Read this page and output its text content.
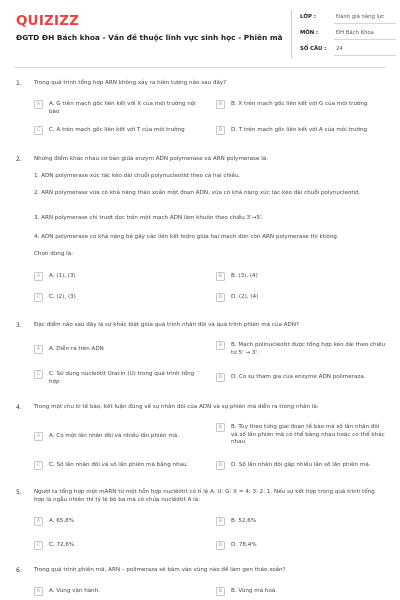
QUIZIZZ
ĐGTD ĐH Bách khoa - Vấn đề thuộc lĩnh vực sinh học - Phiên mã
LỚP :	Đánh giá năng lực
MÔN :	ĐH Bách Khoa
SỐ CÂU : 24
1. Trong quá trình tổng hợp ARN không xảy ra hiện tượng nào sau đây?
A	A. G trên mạch gốc liên kết với X của môi trường nội bào
B	B. X trên mạch gốc liên kết với G của môi trường
C	C. A trên mạch gốc liên kết với T của môi trường	D	D. T trên mạch gốc liên kết với A của môi trường
2. Những điểm khác nhau cơ bản giữa enzym ADN polymerase và ARN polymerase là:
1. ADN polymerase xúc tác kéo dài chuỗi polynucleotid theo cả hai chiều.
2. ARN polymerase vừa có khả năng tháo xoắn một đoạn ADN, vừa có khả năng xúc tác kéo dài chuỗi polynucleotid.
3. ARN polymerase chỉ trượt dọc trên một mạch ADN làm khuôn theo chiều 3'→5'.
4. ADN polymerase có khả năng bẻ gãy các liên kết hidro giữa hai mạch đơn còn ARN polymerase thì không.
Chọn đúng là:
A	A. (1), (3)	B	B. (3), (4)
C	C. (2), (3)	D	D. (2), (4)
3. Đặc điểm nào sau đây là sự khác biệt giữa quá trình nhân đôi và quá trình phiên mã của ADN?
A	A. Diễn ra trên ADN
B	B. Mạch polinucleotit được tổng hợp kéo dài theo chiều từ 5' → 3'.
C	C. Sử dụng nucleôtit Uracin (U) trong quá trình tổng hợp
D	D. Có sự tham gia của enzyme ADN polimeraza.
4. Trong một chu kì tế bào, kết luận đúng về sự nhân đôi của ADN và sự phiên mã diễn ra trong nhân là:
A	A. Có một lần nhân đôi và nhiều lần phiên mã.
B	B. Tùy theo từng giai đoạn tế bào mà số lần nhân đôi và số lần phiên mã có thể bằng nhau hoặc có thể khác nhau
C	C. Số lần nhân đôi và số lần phiên mã bằng nhau.	D	D. Số lần nhân đôi gấp nhiều lần số lần phiên mã.
5. Người ta tổng hợp một mARN từ một hỗn hợp nuclêôtit có tỉ lệ A: U: G: X = 4: 3: 2: 1. Nếu sự kết hợp trong quá trình tổng hợp là ngẫu nhiên thì tỷ lệ bộ ba mã có chứa nuclêôtit A là:
A	A. 65,8%	B	B. 52,6%
C	C. 72,6%	D	D. 78,4%
6. Trong quá trình phiên mã, ARN – polimeraza sẽ bám vào vùng nào để làm gen tháo xoắn?
A	A. Vùng vận hành.	B	B. Vùng mã hoá.
